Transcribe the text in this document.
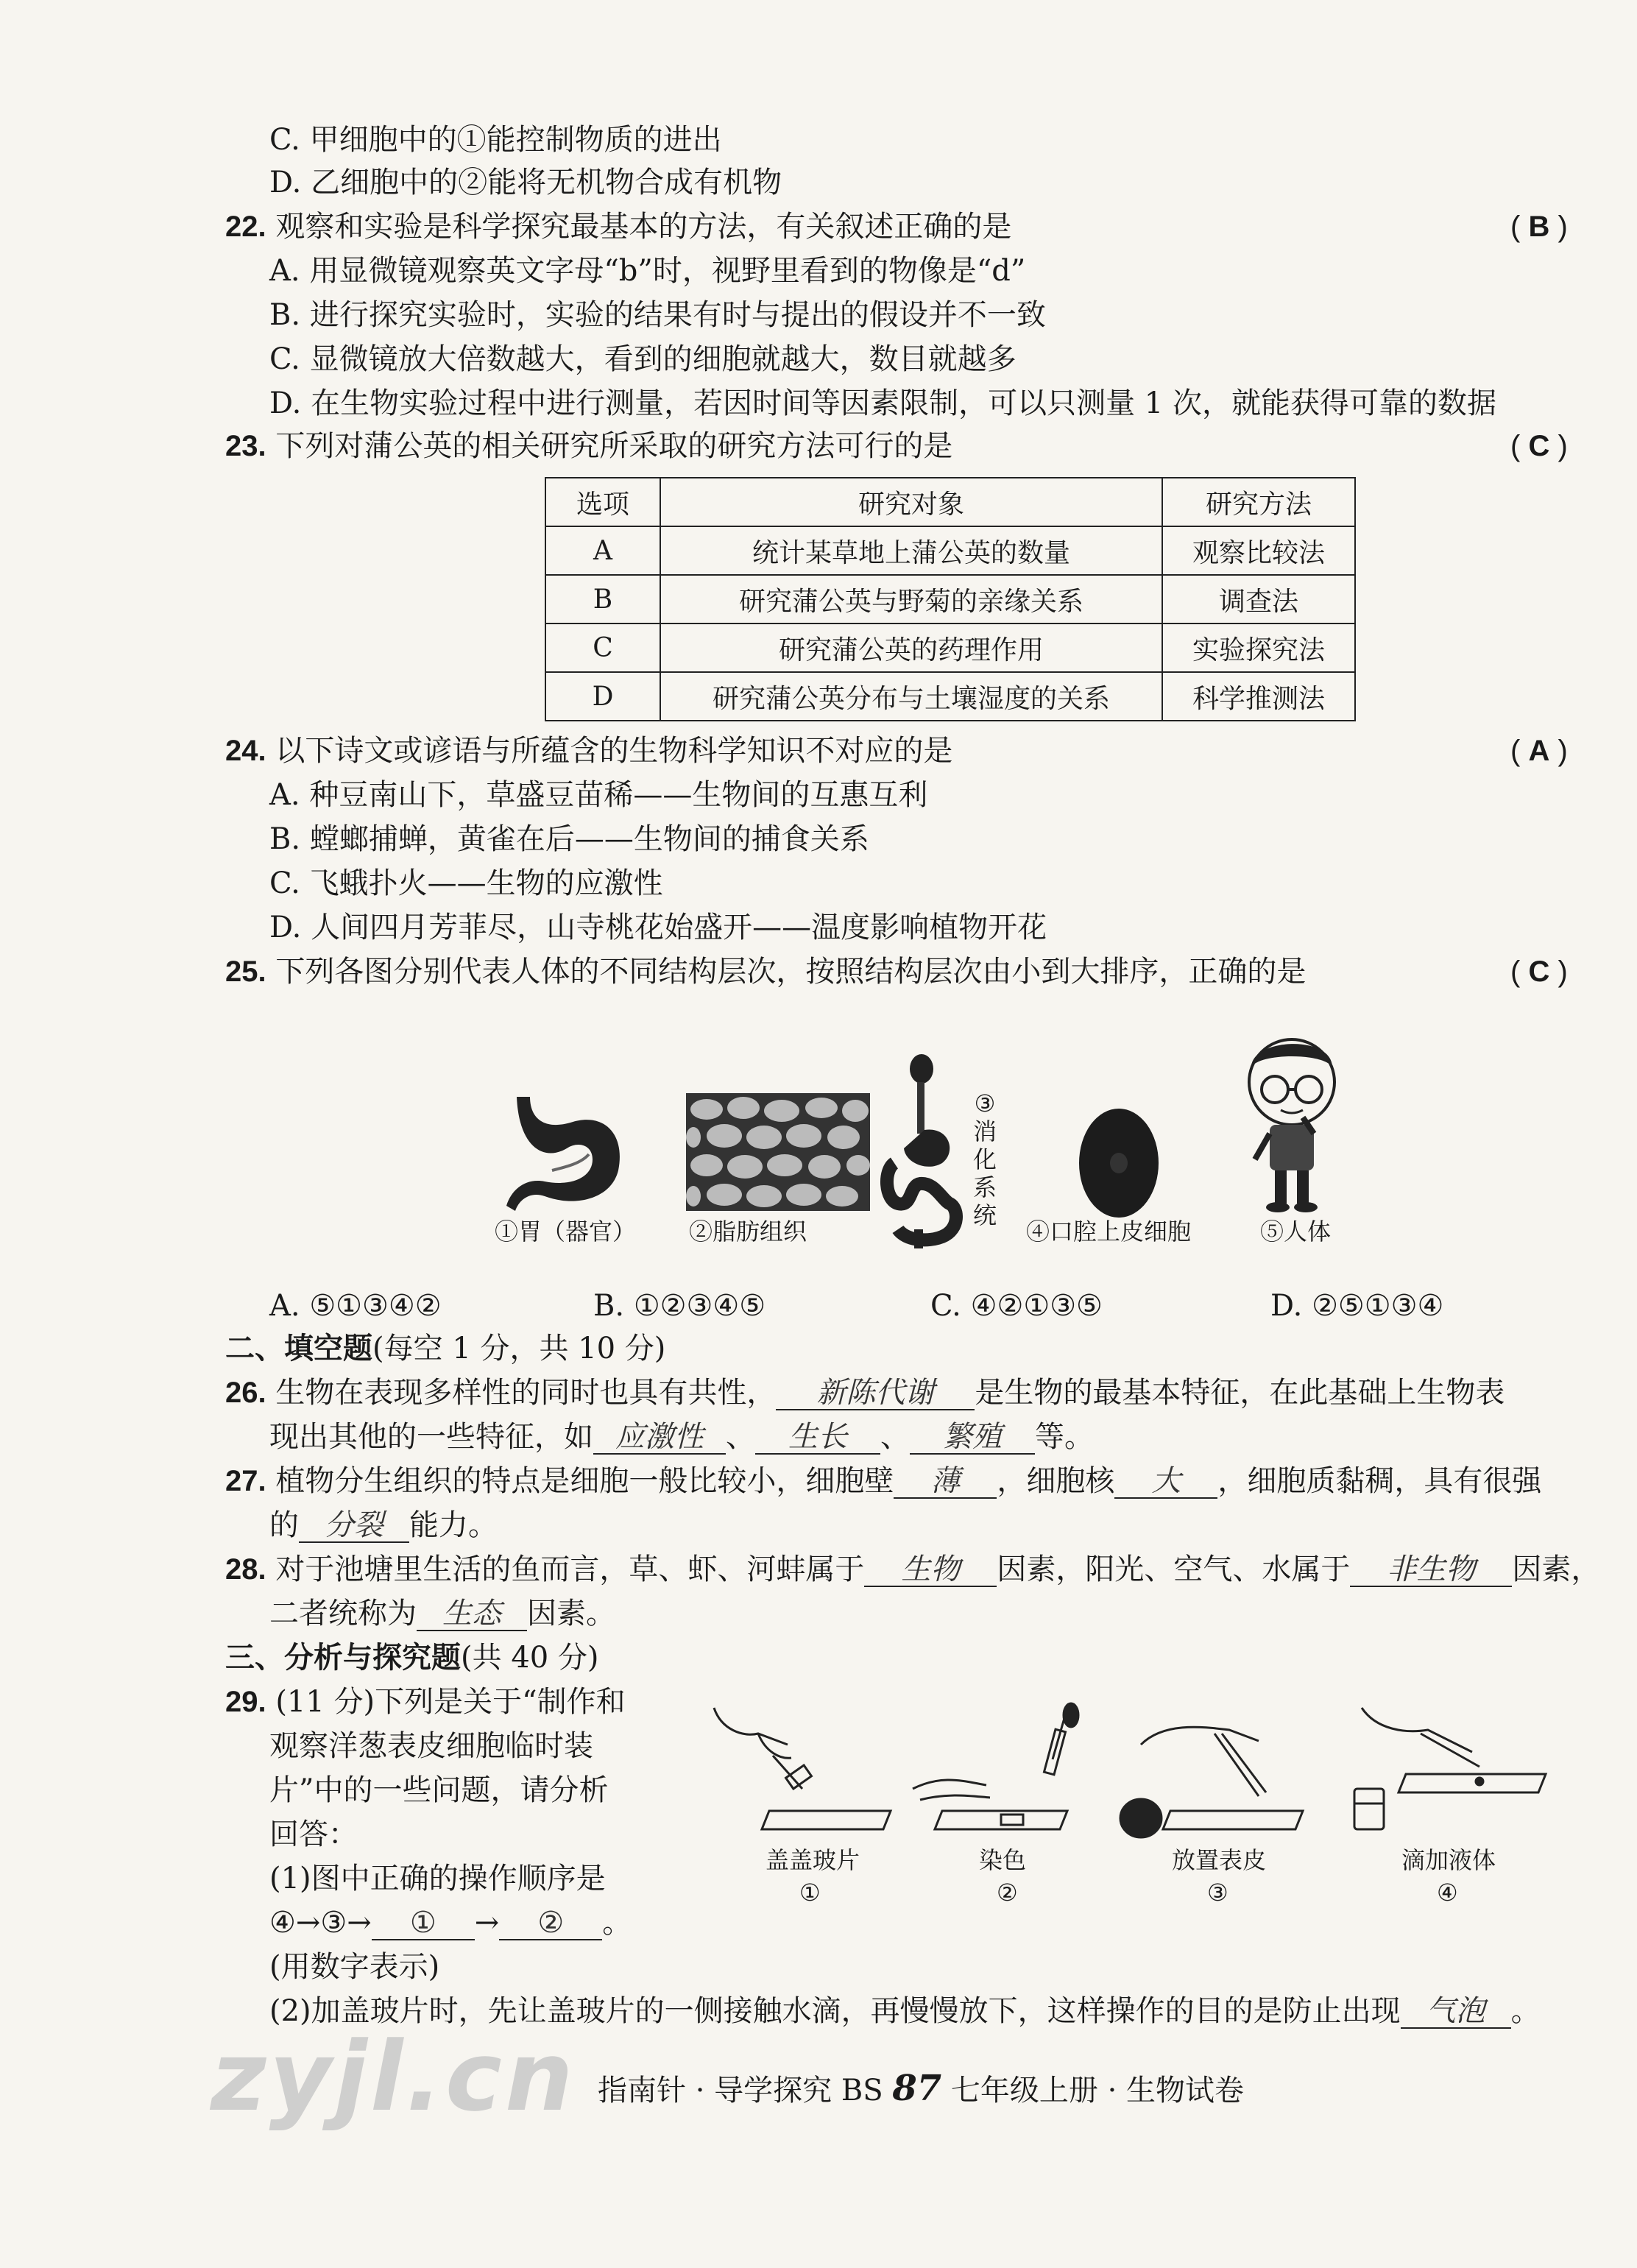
C. 甲细胞中的①能控制物质的进出
D. 乙细胞中的②能将无机物合成有机物
22. 观察和实验是科学探究最基本的方法，有关叙述正确的是	( B )
A. 用显微镜观察英文字母“b”时，视野里看到的物像是“d”
B. 进行探究实验时，实验的结果有时与提出的假设并不一致
C. 显微镜放大倍数越大，看到的细胞就越大，数目就越多
D. 在生物实验过程中进行测量，若因时间等因素限制，可以只测量 1 次，就能获得可靠的数据
23. 下列对蒲公英的相关研究所采取的研究方法可行的是	( C )
选项	研究对象	研究方法
A	统计某草地上蒲公英的数量	观察比较法
B	研究蒲公英与野菊的亲缘关系	调查法
C	研究蒲公英的药理作用	实验探究法
D	研究蒲公英分布与土壤湿度的关系	科学推测法
24. 以下诗文或谚语与所蕴含的生物科学知识不对应的是	( A )
A. 种豆南山下，草盛豆苗稀——生物间的互惠互利
B. 螳螂捕蝉，黄雀在后——生物间的捕食关系
C. 飞蛾扑火——生物的应激性
D. 人间四月芳菲尽，山寺桃花始盛开——温度影响植物开花
25. 下列各图分别代表人体的不同结构层次，按照结构层次由小到大排序，正确的是	( C )
③
消
化
系
统
①胃（器官） ②脂肪组织	④口腔上皮细胞	⑤人体
A. ⑤①③④②	B. ①②③④⑤	C. ④②①③⑤	D. ②⑤①③④
二、填空题(每空 1 分，共 10 分)
26. 生物在表现多样性的同时也具有共性， 新陈代谢 是生物的最基本特征，在此基础上生物表
现出其他的一些特征，如 应激性 、 生长 、 繁殖 等。
27. 植物分生组织的特点是细胞一般比较小，细胞壁 薄 ，细胞核 大 ，细胞质黏稠，具有很强
的 分裂 能力。
28. 对于池塘里生活的鱼而言，草、虾、河蚌属于 生物 因素，阳光、空气、水属于 非生物 因素，
二者统称为 生态 因素。
三、分析与探究题(共 40 分)
29. (11 分)下列是关于“制作和
观察洋葱表皮细胞临时装
片”中的一些问题，请分析
回答：
(1)图中正确的操作顺序是
④→③→ ① → ② 。
(用数字表示)
(2)加盖玻片时，先让盖玻片的一侧接触水滴，再慢慢放下，这样操作的目的是防止出现 气泡 。
盖盖玻片	染色	放置表皮	滴加液体
①	②	③	④
zyjl.cn 指南针 · 导学探究 BS 87 七年级上册 · 生物试卷
